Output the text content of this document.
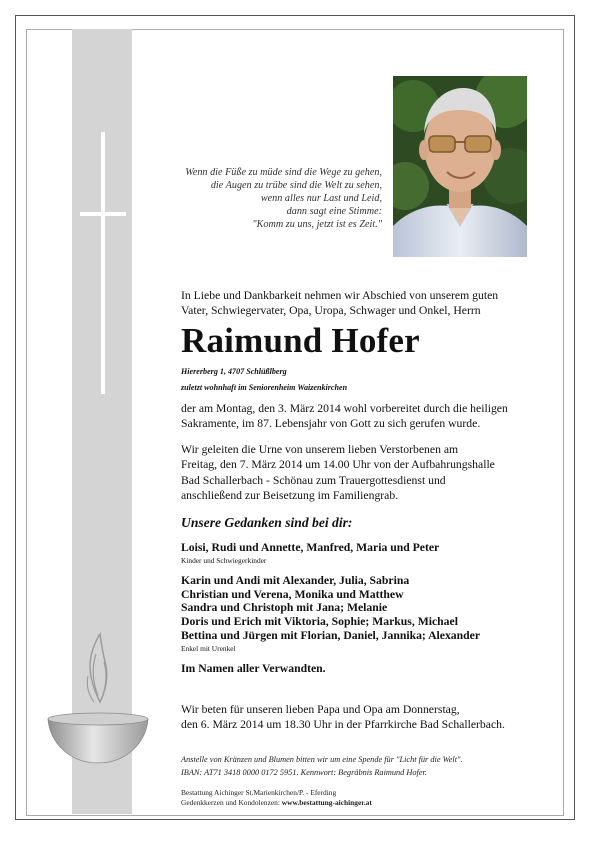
Wenn die Füße zu müde sind die Wege zu gehen,
die Augen zu trübe sind die Welt zu sehen,
wenn alles nur Last und Leid,
dann sagt eine Stimme:
"Komm zu uns, jetzt ist es Zeit."
In Liebe und Dankbarkeit nehmen wir Abschied von unserem guten
Vater, Schwiegervater, Opa, Uropa, Schwager und Onkel, Herrn
Raimund Hofer
Hiererberg 1, 4707 Schlüßlberg
zuletzt wohnhaft im Seniorenheim Waizenkirchen
der am Montag, den 3. März 2014 wohl vorbereitet durch die heiligen
Sakramente, im 87. Lebensjahr von Gott zu sich gerufen wurde.
Wir geleiten die Urne von unserem lieben Verstorbenen am
Freitag, den 7. März 2014 um 14.00 Uhr von der Aufbahrungshalle
Bad Schallerbach - Schönau zum Trauergottesdienst und
anschließend zur Beisetzung im Familiengrab.
Unsere Gedanken sind bei dir:
Loisi, Rudi und Annette, Manfred, Maria und Peter
Kinder und Schwiegerkinder
Karin und Andi mit Alexander, Julia, Sabrina
Christian und Verena, Monika und Matthew
Sandra und Christoph mit Jana; Melanie
Doris und Erich mit Viktoria, Sophie; Markus, Michael
Bettina und Jürgen mit Florian, Daniel, Jannika; Alexander
Enkel mit Urenkel
Im Namen aller Verwandten.
Wir beten für unseren lieben Papa und Opa am Donnerstag,
den 6. März 2014 um 18.30 Uhr in der Pfarrkirche Bad Schallerbach.
Anstelle von Kränzen und Blumen bitten wir um eine Spende für "Licht für die Welt".
IBAN: AT71 3418 0000 0172 5951. Kennwort: Begräbnis Raimund Hofer.
Bestattung Aichinger St.Marienkirchen/P. - Eferding
Gedenkkerzen und Kondolenzen: www.bestattung-aichinger.at
